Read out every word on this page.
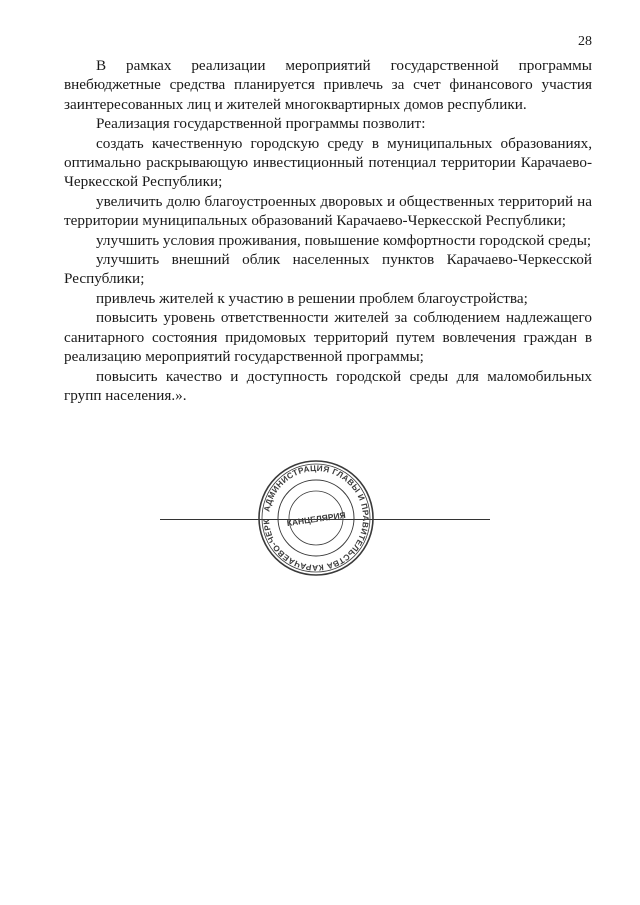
28

В рамках реализации мероприятий государственной программы внебюджетные средства планируется привлечь за счет финансового участия заинтересованных лиц и жителей многоквартирных домов республики.

Реализация государственной программы позволит:

создать качественную городскую среду в муниципальных образованиях, оптимально раскрывающую инвестиционный потенциал территории Карачаево-Черкесской Республики;

увеличить долю благоустроенных дворовых и общественных территорий на территории муниципальных образований Карачаево-Черкесской Республики;

улучшить условия проживания, повышение комфортности городской среды;

улучшить внешний облик населенных пунктов Карачаево-Черкесской Республики;

привлечь жителей к участию в решении проблем благоустройства;

повысить уровень ответственности жителей за соблюдением надлежащего санитарного состояния придомовых территорий путем вовлечения граждан в реализацию мероприятий государственной программы;

повысить качество и доступность городской среды для маломобильных групп населения.».

АДМИНИСТРАЦИЯ ГЛАВЫ И ПРАВИТЕЛЬСТВА КАРАЧАЕВО-ЧЕРК	КАНЦЕЛЯРИЯ
